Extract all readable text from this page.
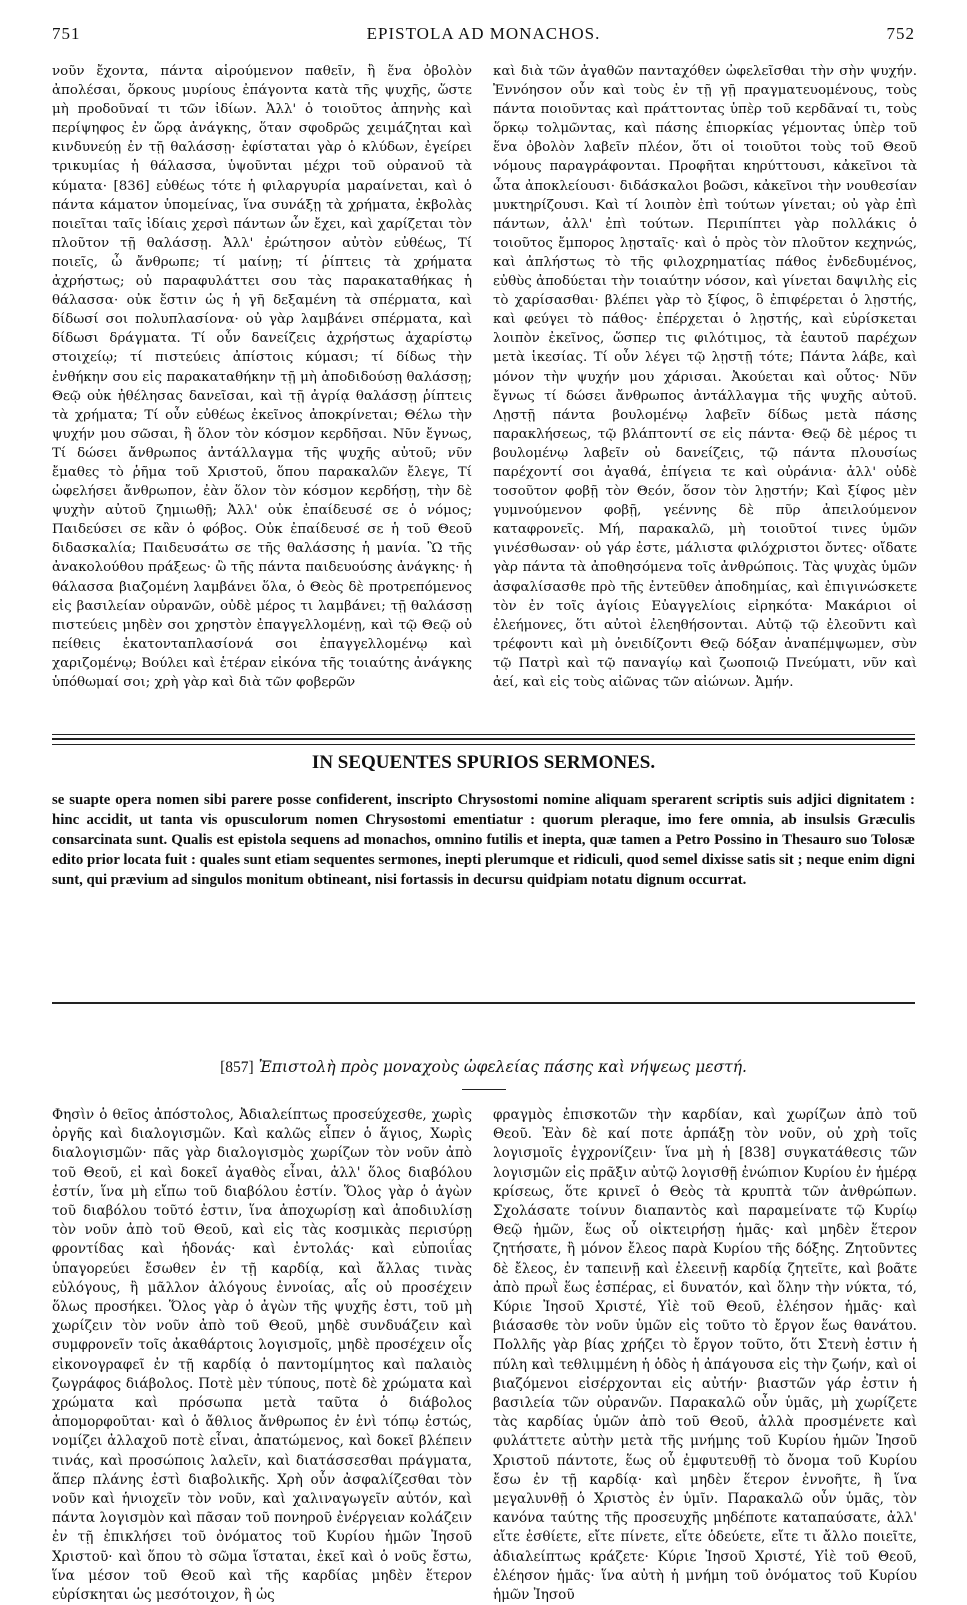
751	EPISTOLA AD MONACHOS.	752

νοῦν ἔχοντα, πάντα αἱρούμενον παθεῖν, ἢ ἕνα ὀβολὸν ἀπολέσαι, ὅρκους μυρίους ἐπάγοντα κατὰ τῆς ψυχῆς, ὥστε μὴ προδοῦναί τι τῶν ἰδίων. Ἀλλ' ὁ τοιοῦτος ἀπηνὴς καὶ περίψηφος ἐν ὥρᾳ ἀνάγκης, ὅταν σφοδρῶς χειμάζηται καὶ κινδυνεύῃ ἐν τῇ θαλάσσῃ· ἐφίσταται γὰρ ὁ κλύδων, ἐγείρει τρικυμίας ἡ θάλασσα, ὑψοῦνται μέχρι τοῦ οὐρανοῦ τὰ κύματα· [836] εὐθέως τότε ἡ φιλαργυρία μαραίνεται, καὶ ὁ πάντα κάματον ὑπομείνας, ἵνα συνάξῃ τὰ χρήματα, ἐκβολὰς ποιεῖται ταῖς ἰδίαις χερσὶ πάντων ὧν ἔχει, καὶ χαρίζεται τὸν πλοῦτον τῇ θαλάσσῃ. Ἀλλ' ἐρώτησον αὐτὸν εὐθέως, Τί ποιεῖς, ὦ ἄνθρωπε; τί μαίνῃ; τί ῥίπτεις τὰ χρήματα ἀχρήστως; οὐ παραφυλάττει σου τὰς παρακαταθήκας ἡ θάλασσα· οὐκ ἔστιν ὡς ἡ γῆ δεξαμένη τὰ σπέρματα, καὶ δίδωσί σοι πολυπλασίονα· οὐ γὰρ λαμβάνει σπέρματα, καὶ δίδωσι δράγματα. Τί οὖν δανείζεις ἀχρήστως ἀχαρίστῳ στοιχείῳ; τί πιστεύεις ἀπίστοις κύμασι; τί δίδως τὴν ἐνθήκην σου εἰς παρακαταθήκην τῇ μὴ ἀποδιδούσῃ θαλάσσῃ; Θεῷ οὐκ ἠθέλησας δανεῖσαι, καὶ τῇ ἀγρίᾳ θαλάσσῃ ῥίπτεις τὰ χρήματα; Τί οὖν εὐθέως ἐκεῖνος ἀποκρίνεται; Θέλω τὴν ψυχήν μου σῶσαι, ἢ ὅλον τὸν κόσμον κερδῆσαι. Νῦν ἔγνως, Τί δώσει ἄνθρωπος ἀντάλλαγμα τῆς ψυχῆς αὐτοῦ; νῦν ἔμαθες τὸ ῥῆμα τοῦ Χριστοῦ, ὅπου παρακαλῶν ἔλεγε, Τί ὠφελήσει ἄνθρωπον, ἐὰν ὅλον τὸν κόσμον κερδήσῃ, τὴν δὲ ψυχὴν αὐτοῦ ζημιωθῇ; Ἀλλ' οὐκ ἐπαίδευσέ σε ὁ νόμος; Παιδεύσει σε κἂν ὁ φόβος. Οὐκ ἐπαίδευσέ σε ἡ τοῦ Θεοῦ διδασκαλία; Παιδευσάτω σε τῆς θαλάσσης ἡ μανία. Ὢ τῆς ἀνακολούθου πράξεως· ὢ τῆς πάντα παιδευούσης ἀνάγκης· ἡ θάλασσα βιαζομένη λαμβάνει ὅλα, ὁ Θεὸς δὲ προτρεπόμενος εἰς βασιλείαν οὐρανῶν, οὐδὲ μέρος τι λαμβάνει; τῇ θαλάσσῃ πιστεύεις μηδὲν σοι χρηστὸν ἐπαγγελλομένῃ, καὶ τῷ Θεῷ οὐ πείθεις ἑκατονταπλασίονά σοι ἐπαγγελλομένῳ καὶ χαριζομένῳ; Βούλει καὶ ἑτέραν εἰκόνα τῆς τοιαύτης ἀνάγκης ὑπόθωμαί σοι; χρὴ γὰρ καὶ διὰ τῶν φοβερῶν

καὶ διὰ τῶν ἀγαθῶν πανταχόθεν ὠφελεῖσθαι τὴν σὴν ψυχήν. Ἐννόησον οὖν καὶ τοὺς ἐν τῇ γῇ πραγματευομένους, τοὺς πάντα ποιοῦντας καὶ πράττοντας ὑπὲρ τοῦ κερδᾶναί τι, τοὺς ὅρκῳ τολμῶντας, καὶ πάσης ἐπιορκίας γέμοντας ὑπὲρ τοῦ ἕνα ὀβολὸν λαβεῖν πλέον, ὅτι οἱ τοιοῦτοι τοὺς τοῦ Θεοῦ νόμους παραγράφονται. Προφῆται κηρύττουσι, κἀκεῖνοι τὰ ὦτα ἀποκλείουσι· διδάσκαλοι βοῶσι, κἀκεῖνοι τὴν νουθεσίαν μυκτηρίζουσι. Καὶ τί λοιπὸν ἐπὶ τούτων γίνεται; οὐ γὰρ ἐπὶ πάντων, ἀλλ' ἐπὶ τούτων. Περιπίπτει γὰρ πολλάκις ὁ τοιοῦτος ἔμπορος λῃσταῖς· καὶ ὁ πρὸς τὸν πλοῦτον κεχηνώς, καὶ ἀπλήστως τὸ τῆς φιλοχρηματίας πάθος ἐνδεδυμένος, εὐθὺς ἀποδύεται τὴν τοιαύτην νόσον, καὶ γίνεται δαψιλὴς εἰς τὸ χαρίσασθαι· βλέπει γὰρ τὸ ξίφος, ὃ ἐπιφέρεται ὁ λῃστής, καὶ φεύγει τὸ πάθος· ἐπέρχεται ὁ λῃστής, καὶ εὑρίσκεται λοιπὸν ἐκεῖνος, ὥσπερ τις φιλότιμος, τὰ ἑαυτοῦ παρέχων μετὰ ἱκεσίας. Τί οὖν λέγει τῷ λῃστῇ τότε; Πάντα λάβε, καὶ μόνον τὴν ψυχήν μου χάρισαι. Ἀκούεται καὶ οὗτος· Νῦν ἔγνως τί δώσει ἄνθρωπος ἀντάλλαγμα τῆς ψυχῆς αὐτοῦ. Λῃστῇ πάντα βουλομένῳ λαβεῖν δίδως μετὰ πάσης παρακλήσεως, τῷ βλάπτοντί σε εἰς πάντα· Θεῷ δὲ μέρος τι βουλομένῳ λαβεῖν οὐ δανείζεις, τῷ πάντα πλουσίως παρέχοντί σοι ἀγαθά, ἐπίγεια τε καὶ οὐράνια· ἀλλ' οὐδὲ τοσοῦτον φοβῇ τὸν Θεόν, ὅσον τὸν λῃστήν; Καὶ ξίφος μὲν γυμνούμενον φοβῇ, γεέννης δὲ πῦρ ἀπειλούμενον καταφρονεῖς. Μή, παρακαλῶ, μὴ τοιοῦτοί τινες ὑμῶν γινέσθωσαν· οὐ γάρ ἐστε, μάλιστα φιλόχριστοι ὄντες· οἴδατε γὰρ πάντα τὰ ἀποθησόμενα τοῖς ἀνθρώποις. Τὰς ψυχὰς ὑμῶν ἀσφαλίσασθε πρὸ τῆς ἐντεῦθεν ἀποδημίας, καὶ ἐπιγινώσκετε τὸν ἐν τοῖς ἁγίοις Εὐαγγελίοις εἰρηκότα· Μακάριοι οἱ ἐλεήμονες, ὅτι αὐτοὶ ἐλεηθήσονται. Αὐτῷ τῷ ἐλεοῦντι καὶ τρέφοντι καὶ μὴ ὀνειδίζοντι Θεῷ δόξαν ἀναπέμψωμεν, σὺν τῷ Πατρὶ καὶ τῷ παναγίῳ καὶ ζωοποιῷ Πνεύματι, νῦν καὶ ἀεί, καὶ εἰς τοὺς αἰῶνας τῶν αἰώνων. Ἀμήν.

IN SEQUENTES SPURIOS SERMONES.
se suapte opera nomen sibi parere posse confiderent, inscripto Chrysostomi nomine aliquam sperarent scriptis suis adjici dignitatem : hinc accidit, ut tanta vis opusculorum nomen Chrysostomi ementiatur : quorum pleraque, imo fere omnia, ab insulsis Græculis consarcinata sunt. Qualis est epistola sequens ad monachos, omnino futilis et inepta, quæ tamen a Petro Possino in Thesauro suo Tolosæ edito prior locata fuit : quales sunt etiam sequentes sermones, inepti plerumque et ridiculi, quod semel dixisse satis sit ; neque enim digni sunt, qui prævium ad singulos monitum obtineant, nisi fortassis in decursu quidpiam notatu dignum occurrat.
[857] Ἐπιστολὴ πρὸς μοναχοὺς ὠφελείας πάσης καὶ νήψεως μεστή.

Φησὶν ὁ θεῖος ἀπόστολος, Ἀδιαλείπτως προσεύχεσθε, χωρὶς ὀργῆς καὶ διαλογισμῶν. Καὶ καλῶς εἶπεν ὁ ἅγιος, Χωρὶς διαλογισμῶν· πᾶς γὰρ διαλογισμὸς χωρίζων τὸν νοῦν ἀπὸ τοῦ Θεοῦ, εἰ καὶ δοκεῖ ἀγαθὸς εἶναι, ἀλλ' ὅλος διαβόλου ἐστίν, ἵνα μὴ εἴπω τοῦ διαβόλου ἐστίν. Ὅλος γὰρ ὁ ἀγὼν τοῦ διαβόλου τοῦτό ἐστιν, ἵνα ἀποχωρίσῃ καὶ ἀποδιυλίσῃ τὸν νοῦν ἀπὸ τοῦ Θεοῦ, καὶ εἰς τὰς κοσμικὰς περισύρῃ φροντίδας καὶ ἡδονάς· καὶ ἐντολάς· καὶ εὐποιΐας ὑπαγορεύει ἔσωθεν ἐν τῇ καρδίᾳ, καὶ ἄλλας τινὰς εὐλόγους, ἢ μᾶλλον ἀλόγους ἐννοίας, αἷς οὐ προσέχειν ὅλως προσήκει. Ὅλος γὰρ ὁ ἀγὼν τῆς ψυχῆς ἐστι, τοῦ μὴ χωρίζειν τὸν νοῦν ἀπὸ τοῦ Θεοῦ, μηδὲ συνδυάζειν καὶ συμφρονεῖν τοῖς ἀκαθάρτοις λογισμοῖς, μηδὲ προσέχειν οἷς εἰκονογραφεῖ ἐν τῇ καρδίᾳ ὁ παντομίμητος καὶ παλαιὸς ζωγράφος διάβολος. Ποτὲ μὲν τύπους, ποτὲ δὲ χρώματα καὶ χρώματα καὶ πρόσωπα μετὰ ταῦτα ὁ διάβολος ἀπομορφοῦται· καὶ ὁ ἄθλιος ἄνθρωπος ἐν ἑνὶ τόπῳ ἑστώς, νομίζει ἀλλαχοῦ ποτὲ εἶναι, ἀπατώμενος, καὶ δοκεῖ βλέπειν τινάς, καὶ προσώποις λαλεῖν, καὶ διατάσσεσθαι πράγματα, ἅπερ πλάνης ἐστὶ διαβολικῆς. Χρὴ οὖν ἀσφαλίζεσθαι τὸν νοῦν καὶ ἡνιοχεῖν τὸν νοῦν, καὶ χαλιναγωγεῖν αὐτόν, καὶ πάντα λογισμὸν καὶ πᾶσαν τοῦ πονηροῦ ἐνέργειαν κολάζειν ἐν τῇ ἐπικλήσει τοῦ ὀνόματος τοῦ Κυρίου ἡμῶν Ἰησοῦ Χριστοῦ· καὶ ὅπου τὸ σῶμα ἵσταται, ἐκεῖ καὶ ὁ νοῦς ἔστω, ἵνα μέσον τοῦ Θεοῦ καὶ τῆς καρδίας μηδὲν ἕτερον εὑρίσκηται ὡς μεσότοιχον, ἢ ὡς

φραγμὸς ἐπισκοτῶν τὴν καρδίαν, καὶ χωρίζων ἀπὸ τοῦ Θεοῦ. Ἐὰν δὲ καί ποτε ἁρπάξῃ τὸν νοῦν, οὐ χρὴ τοῖς λογισμοῖς ἐγχρονίζειν· ἵνα μὴ ἡ [838] συγκατάθεσις τῶν λογισμῶν εἰς πρᾶξιν αὐτῷ λογισθῇ ἐνώπιον Κυρίου ἐν ἡμέρᾳ κρίσεως, ὅτε κρινεῖ ὁ Θεὸς τὰ κρυπτὰ τῶν ἀνθρώπων. Σχολάσατε τοίνυν διαπαντὸς καὶ παραμείνατε τῷ Κυρίῳ Θεῷ ἡμῶν, ἕως οὗ οἰκτειρήσῃ ἡμᾶς· καὶ μηδὲν ἕτερον ζητήσατε, ἢ μόνον ἔλεος παρὰ Κυρίου τῆς δόξης. Ζητοῦντες δὲ ἔλεος, ἐν ταπεινῇ καὶ ἐλεεινῇ καρδίᾳ ζητεῖτε, καὶ βοᾶτε ἀπὸ πρωῒ ἕως ἑσπέρας, εἰ δυνατόν, καὶ ὅλην τὴν νύκτα, τό, Κύριε Ἰησοῦ Χριστέ, Υἱὲ τοῦ Θεοῦ, ἐλέησον ἡμᾶς· καὶ βιάσασθε τὸν νοῦν ὑμῶν εἰς τοῦτο τὸ ἔργον ἕως θανάτου. Πολλῆς γὰρ βίας χρήζει τὸ ἔργον τοῦτο, ὅτι Στενὴ ἐστιν ἡ πύλη καὶ τεθλιμμένη ἡ ὁδὸς ἡ ἀπάγουσα εἰς τὴν ζωήν, καὶ οἱ βιαζόμενοι εἰσέρχονται εἰς αὐτήν· βιαστῶν γάρ ἐστιν ἡ βασιλεία τῶν οὐρανῶν. Παρακαλῶ οὖν ὑμᾶς, μὴ χωρίζετε τὰς καρδίας ὑμῶν ἀπὸ τοῦ Θεοῦ, ἀλλὰ προσμένετε καὶ φυλάττετε αὐτὴν μετὰ τῆς μνήμης τοῦ Κυρίου ἡμῶν Ἰησοῦ Χριστοῦ πάντοτε, ἕως οὗ ἐμφυτευθῇ τὸ ὄνομα τοῦ Κυρίου ἔσω ἐν τῇ καρδίᾳ· καὶ μηδὲν ἕτερον ἐννοῆτε, ἢ ἵνα μεγαλυνθῇ ὁ Χριστὸς ἐν ὑμῖν. Παρακαλῶ οὖν ὑμᾶς, τὸν κανόνα ταύτης τῆς προσευχῆς μηδέποτε καταπαύσατε, ἀλλ' εἴτε ἐσθίετε, εἴτε πίνετε, εἴτε ὁδεύετε, εἴτε τι ἄλλο ποιεῖτε, ἀδιαλείπτως κράζετε· Κύριε Ἰησοῦ Χριστέ, Υἱὲ τοῦ Θεοῦ, ἐλέησον ἡμᾶς· ἵνα αὐτὴ ἡ μνήμη τοῦ ὀνόματος τοῦ Κυρίου ἡμῶν Ἰησοῦ
